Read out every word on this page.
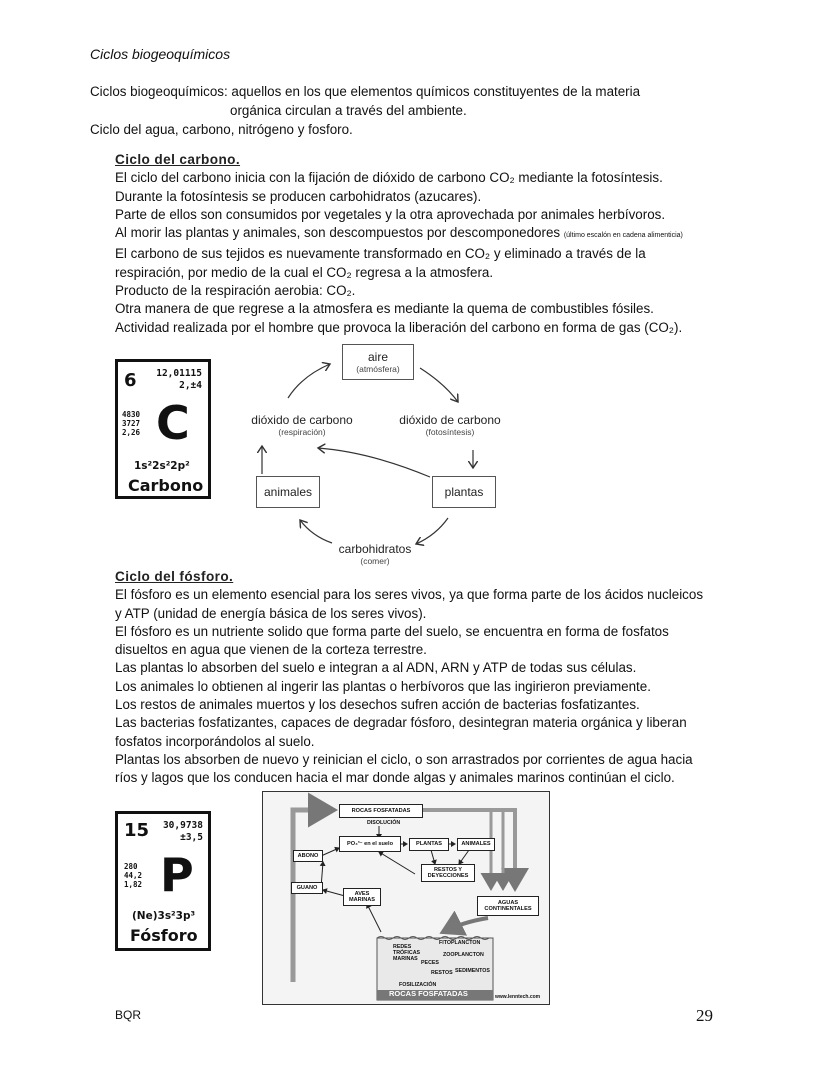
Ciclos biogeoquímicos
Ciclos biogeoquímicos: aquellos en los que elementos químicos constituyentes de la materia

orgánica circulan a través del ambiente.
Ciclo del agua, carbono, nitrógeno y fosforo.
Ciclo del carbono.

El ciclo del carbono inicia con la fijación de dióxido de carbono CO₂ mediante la fotosíntesis.

Durante la fotosíntesis se producen carbohidratos (azucares).

Parte de ellos son consumidos por vegetales y la otra aprovechada por animales herbívoros.

Al morir las plantas y animales, son descompuestos por descomponedores (último escalón en cadena alimenticia)

El carbono de sus tejidos es nuevamente transformado en CO₂ y eliminado a través de la

respiración, por medio de la cual el CO₂ regresa a la atmosfera.

Producto de la respiración aerobia: CO₂.

Otra manera de que regrese a la atmosfera es mediante la quema de combustibles fósiles.

Actividad realizada por el hombre que provoca la liberación del carbono en forma de gas (CO₂).

6 12,01115
2,±4
4830
3727
2,26 C
1s²2s²2p²
Carbono
aire
(atmósfera)
dióxido de carbono
(respiración)
dióxido de carbono
(fotosíntesis)
animales	plantas
carbohidratos
(comer)
Ciclo del fósforo.

El fósforo es un elemento esencial para los seres vivos, ya que forma parte de los ácidos nucleicos

y ATP (unidad de energía básica de los seres vivos).

El fósforo es un nutriente solido que forma parte del suelo, se encuentra en forma de fosfatos

disueltos en agua que vienen de la corteza terrestre.

Las plantas lo absorben del suelo e integran a al ADN, ARN y ATP de todas sus células.

Los animales lo obtienen al ingerir las plantas o herbívoros que las ingirieron previamente.

Los restos de animales muertos y los desechos sufren acción de bacterias fosfatizantes.

Las bacterias fosfatizantes, capaces de degradar fósforo, desintegran materia orgánica y liberan

fosfatos incorporándolos al suelo.

Plantas los absorben de nuevo y reinician el ciclo, o son arrastrados por corrientes de agua hacia

ríos y lagos que los conducen hacia el mar donde algas y animales marinos continúan el ciclo.

15 30,9738
±3,5
280
44,2
1,82 P
(Ne)3s²3p³
Fósforo
ROCAS FOSFATADAS
DISOLUCIÓN
PO₄³⁻ en el suelo	PLANTAS	ANIMALES
ABONO
RESTOS Y DEYECCIONES
GUANO
AVES MARINAS	AGUAS CONTINENTALES
REDES TRÓFICAS MARINAS
FITOPLANCTON
ZOOPLANCTON
PECES
RESTOS SEDIMENTOS
FOSILIZACIÓN
ROCAS FOSFATADAS	www.lenntech.com
BQR	29
